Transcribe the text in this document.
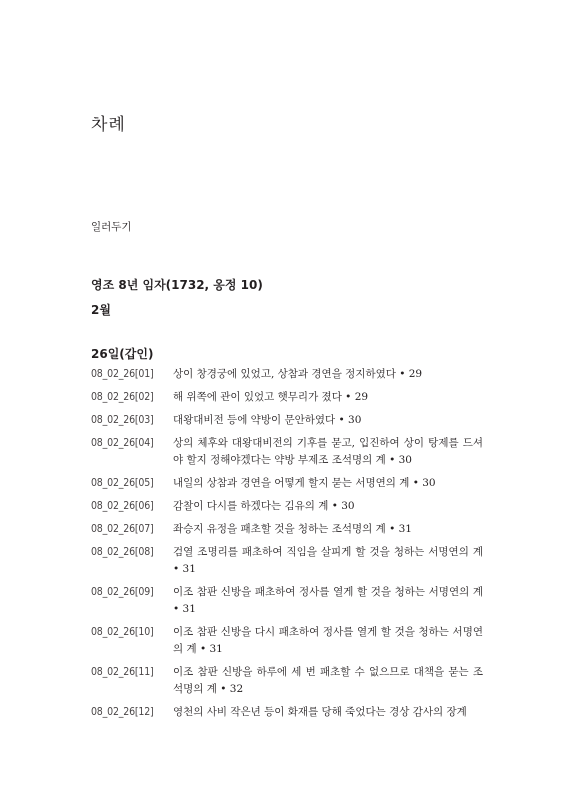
차례
일러두기
영조 8년 임자(1732, 옹정 10)
2월
26일(갑인)
08_02_26[01]	상이 창경궁에 있었고, 상참과 경연을 정지하였다 • 29
08_02_26[02]	해 위쪽에 관이 있었고 햇무리가 졌다 • 29
08_02_26[03]	대왕대비전 등에 약방이 문안하였다 • 30
08_02_26[04]	상의 체후와 대왕대비전의 기후를 묻고, 입진하여 상이 탕제를 드셔야 할지 정해야겠다는 약방 부제조 조석명의 계 • 30
08_02_26[05]	내일의 상참과 경연을 어떻게 할지 묻는 서명연의 계 • 30
08_02_26[06]	감찰이 다시를 하겠다는 김유의 계 • 30
08_02_26[07]	좌승지 유정을 패초할 것을 청하는 조석명의 계 • 31
08_02_26[08]	검열 조명리를 패초하여 직임을 살피게 할 것을 청하는 서명연의 계 • 31
08_02_26[09]	이조 참판 신방을 패초하여 정사를 열게 할 것을 청하는 서명연의 계 • 31
08_02_26[10]	이조 참판 신방을 다시 패초하여 정사를 열게 할 것을 청하는 서명연의 계 • 31
08_02_26[11]	이조 참판 신방을 하루에 세 번 패초할 수 없으므로 대책을 묻는 조석명의 계 • 32
08_02_26[12]	영천의 사비 작은년 등이 화재를 당해 죽었다는 경상 감사의 장계
